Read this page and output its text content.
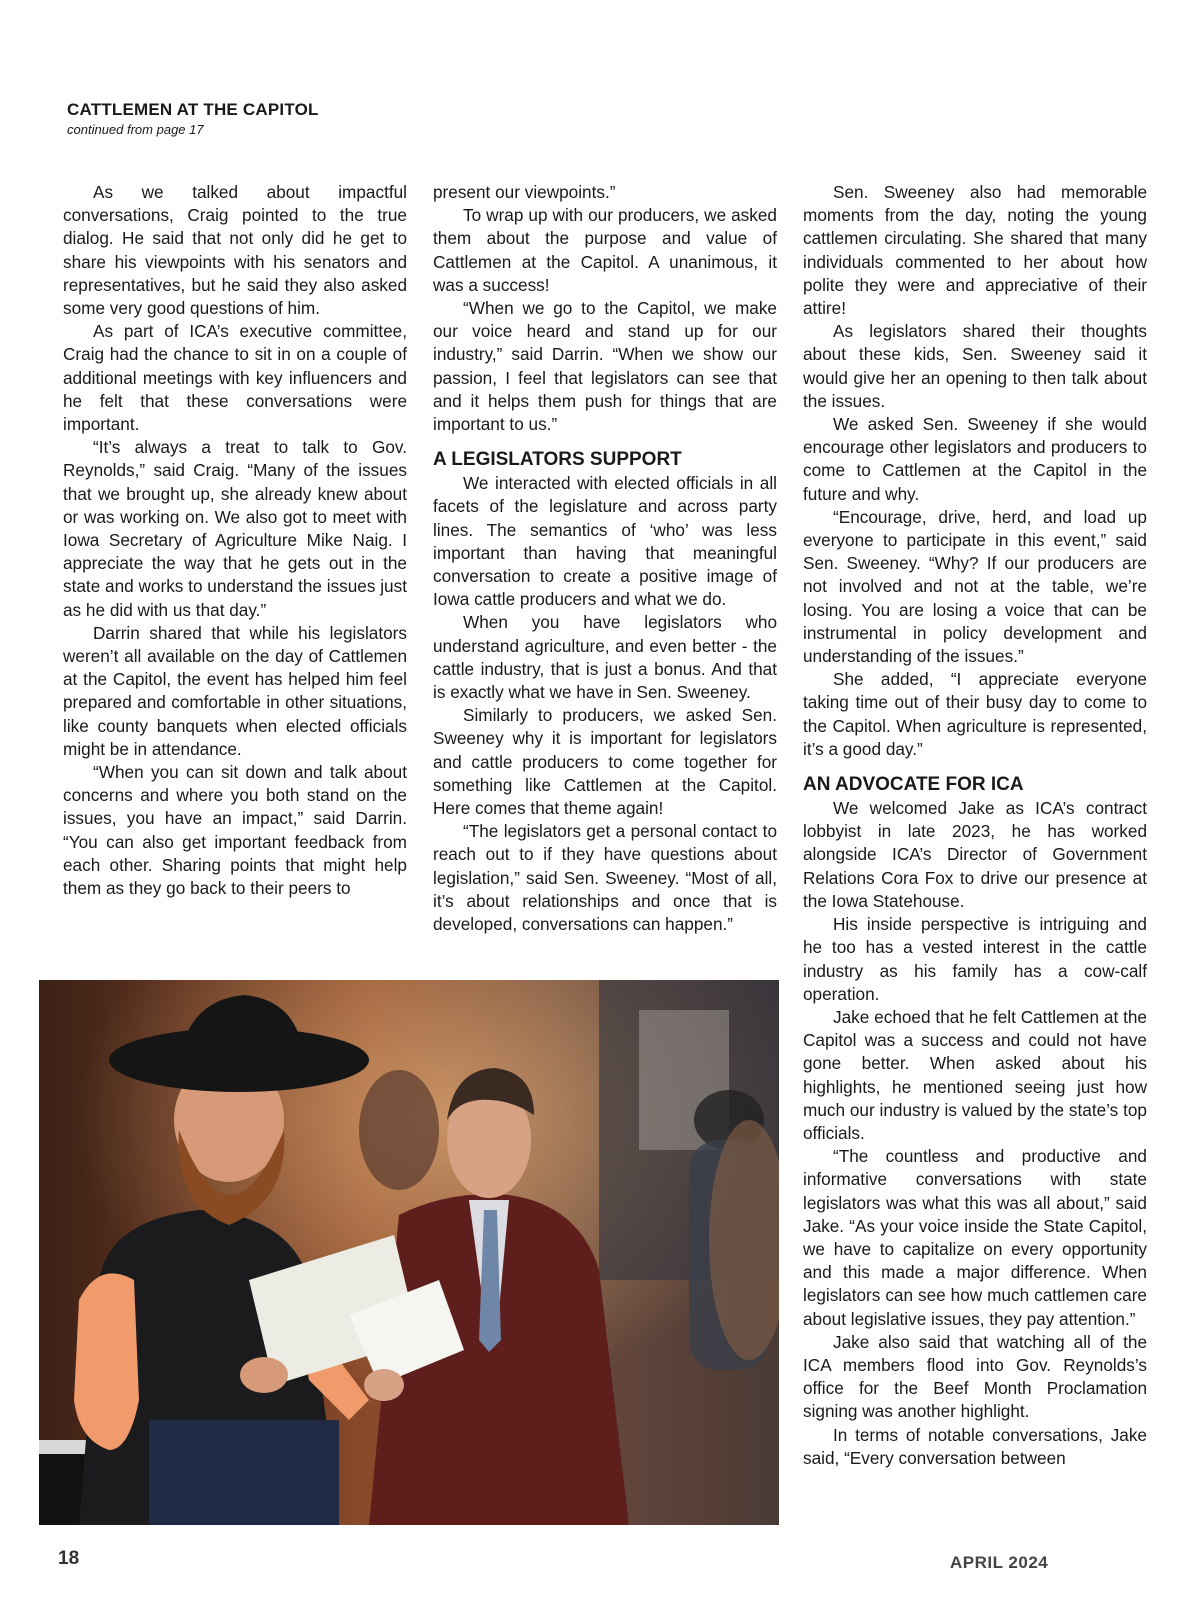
CATTLEMEN AT THE CAPITOL
continued from page 17

As we talked about impactful conversations, Craig pointed to the true dialog. He said that not only did he get to share his viewpoints with his senators and representatives, but he said they also asked some very good questions of him.

As part of ICA’s executive committee, Craig had the chance to sit in on a couple of additional meetings with key influencers and he felt that these conversations were important.

“It’s always a treat to talk to Gov. Reynolds,” said Craig. “Many of the issues that we brought up, she already knew about or was working on. We also got to meet with Iowa Secretary of Agriculture Mike Naig. I appreciate the way that he gets out in the state and works to understand the issues just as he did with us that day.”

Darrin shared that while his legislators weren’t all available on the day of Cattlemen at the Capitol, the event has helped him feel prepared and comfortable in other situations, like county banquets when elected officials might be in attendance.

“When you can sit down and talk about concerns and where you both stand on the issues, you have an impact,” said Darrin. “You can also get important feedback from each other. Sharing points that might help them as they go back to their peers to

present our viewpoints.”

To wrap up with our producers, we asked them about the purpose and value of Cattlemen at the Capitol. A unanimous, it was a success!

“When we go to the Capitol, we make our voice heard and stand up for our industry,” said Darrin. “When we show our passion, I feel that legislators can see that and it helps them push for things that are important to us.”

A LEGISLATORS SUPPORT

We interacted with elected officials in all facets of the legislature and across party lines. The semantics of ‘who’ was less important than having that meaningful conversation to create a positive image of Iowa cattle producers and what we do.

When you have legislators who understand agriculture, and even better - the cattle industry, that is just a bonus. And that is exactly what we have in Sen. Sweeney.

Similarly to producers, we asked Sen. Sweeney why it is important for legislators and cattle producers to come together for something like Cattlemen at the Capitol. Here comes that theme again!

“The legislators get a personal contact to reach out to if they have questions about legislation,” said Sen. Sweeney. “Most of all, it’s about relationships and once that is developed, conversations can happen.”

Sen. Sweeney also had memorable moments from the day, noting the young cattlemen circulating. She shared that many individuals commented to her about how polite they were and appreciative of their attire!

As legislators shared their thoughts about these kids, Sen. Sweeney said it would give her an opening to then talk about the issues.

We asked Sen. Sweeney if she would encourage other legislators and producers to come to Cattlemen at the Capitol in the future and why.

“Encourage, drive, herd, and load up everyone to participate in this event,” said Sen. Sweeney. “Why? If our producers are not involved and not at the table, we’re losing. You are losing a voice that can be instrumental in policy development and understanding of the issues.”

She added, “I appreciate everyone taking time out of their busy day to come to the Capitol. When agriculture is represented, it’s a good day.”

AN ADVOCATE FOR ICA

We welcomed Jake as ICA’s contract lobbyist in late 2023, he has worked alongside ICA’s Director of Government Relations Cora Fox to drive our presence at the Iowa Statehouse.

His inside perspective is intriguing and he too has a vested interest in the cattle industry as his family has a cow-calf operation.

Jake echoed that he felt Cattlemen at the Capitol was a success and could not have gone better. When asked about his highlights, he mentioned seeing just how much our industry is valued by the state’s top officials.

“The countless and productive and informative conversations with state legislators was what this was all about,” said Jake. “As your voice inside the State Capitol, we have to capitalize on every opportunity and this made a major difference. When legislators can see how much cattlemen care about legislative issues, they pay attention.”

Jake also said that watching all of the ICA members flood into Gov. Reynolds’s office for the Beef Month Proclamation signing was another highlight.

In terms of notable conversations, Jake said, “Every conversation between

18	APRIL 2024
